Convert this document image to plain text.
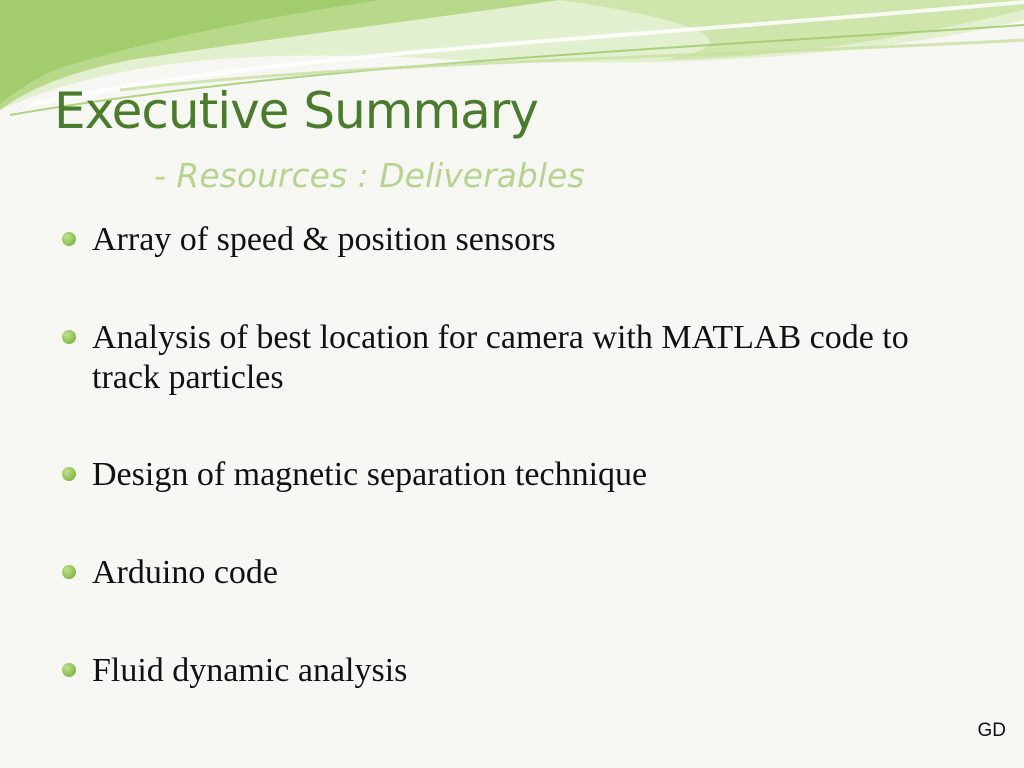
Executive Summary
- Resources : Deliverables
Array of speed & position sensors
Analysis of best location for camera with MATLAB code to track particles
Design of magnetic separation technique
Arduino code
Fluid dynamic analysis
GD
